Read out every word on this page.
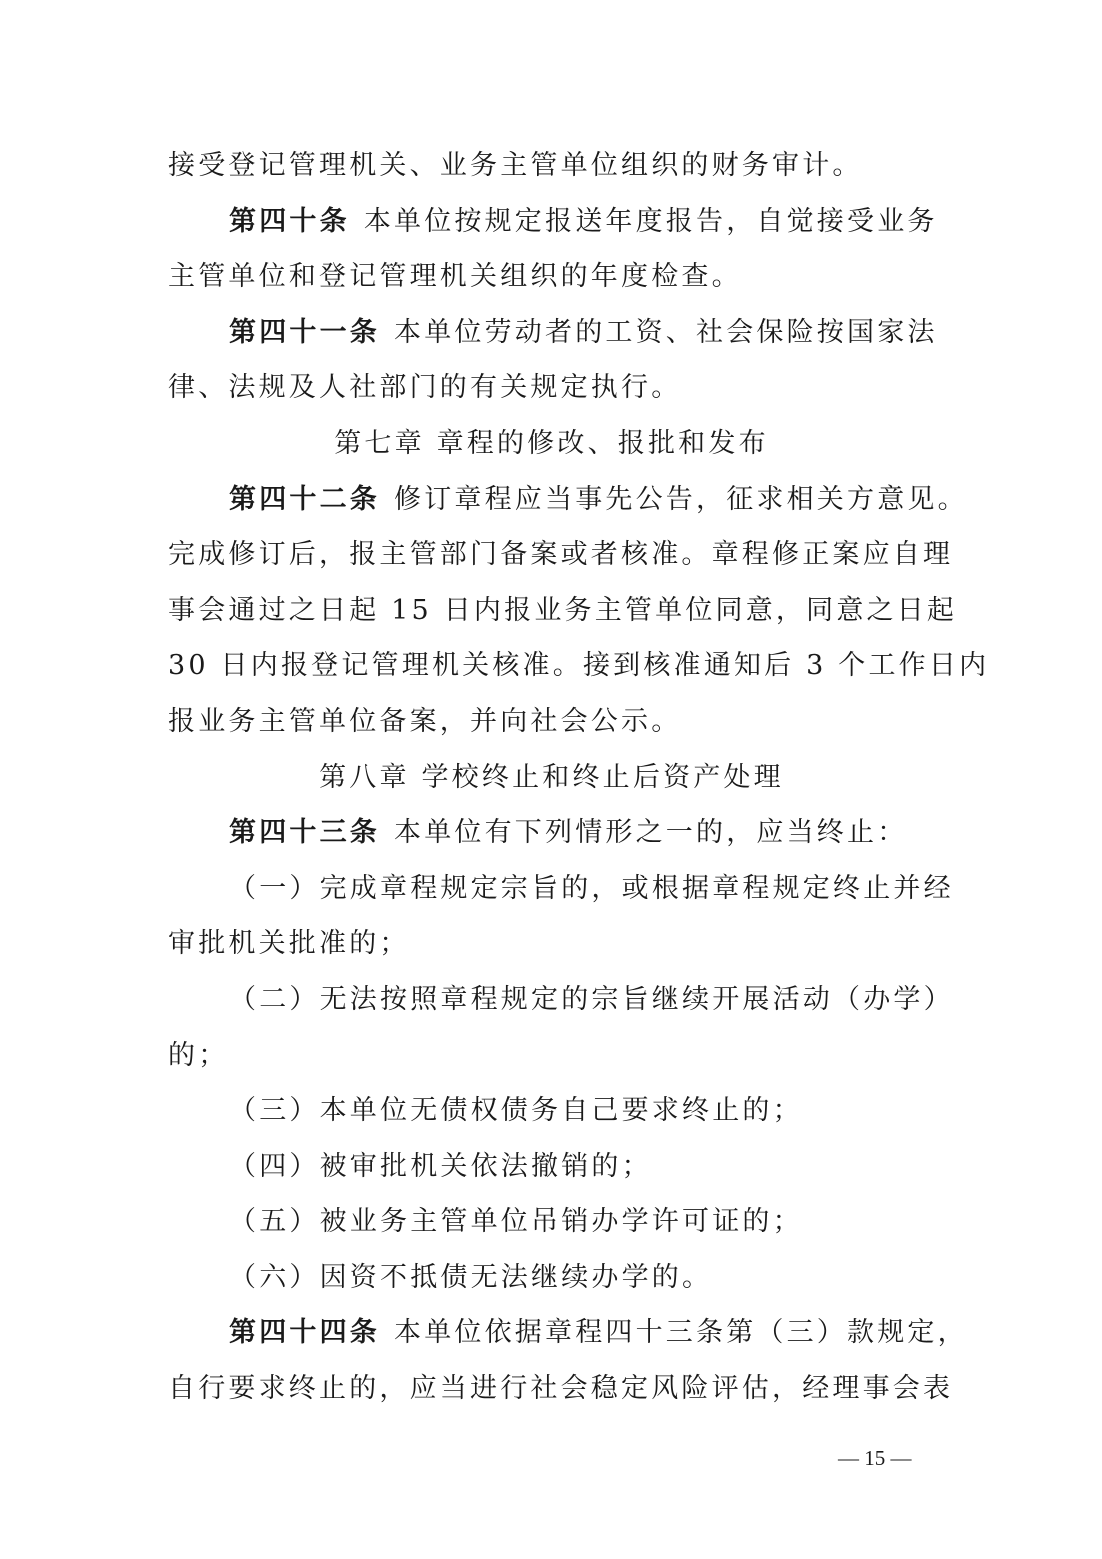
接受登记管理机关、业务主管单位组织的财务审计。
第四十条 本单位按规定报送年度报告，自觉接受业务
主管单位和登记管理机关组织的年度检查。
第四十一条 本单位劳动者的工资、社会保险按国家法
律、法规及人社部门的有关规定执行。
第七章 章程的修改、报批和发布
第四十二条 修订章程应当事先公告，征求相关方意见。
完成修订后，报主管部门备案或者核准。章程修正案应自理
事会通过之日起 15 日内报业务主管单位同意，同意之日起
30 日内报登记管理机关核准。接到核准通知后 3 个工作日内
报业务主管单位备案，并向社会公示。
第八章 学校终止和终止后资产处理
第四十三条 本单位有下列情形之一的，应当终止：
（一）完成章程规定宗旨的，或根据章程规定终止并经
审批机关批准的；
（二）无法按照章程规定的宗旨继续开展活动（办学）
的；
（三）本单位无债权债务自己要求终止的；
（四）被审批机关依法撤销的；
（五）被业务主管单位吊销办学许可证的；
（六）因资不抵债无法继续办学的。
第四十四条 本单位依据章程四十三条第（三）款规定，
自行要求终止的，应当进行社会稳定风险评估，经理事会表
— 15 —
